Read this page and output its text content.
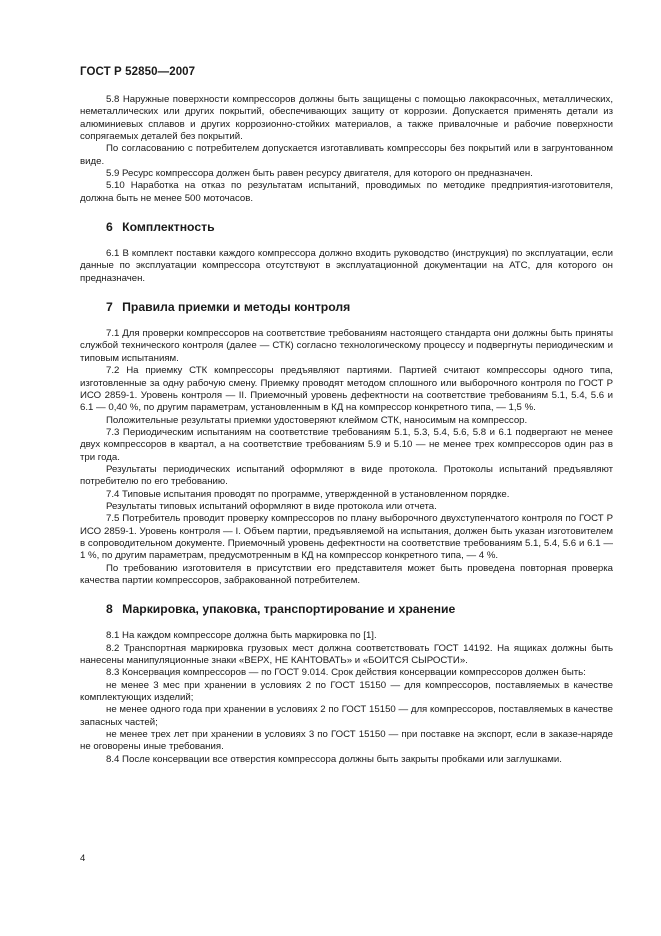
ГОСТ Р 52850—2007

5.8 Наружные поверхности компрессоров должны быть защищены с помощью лакокрасочных, металлических, неметаллических или других покрытий, обеспечивающих защиту от коррозии. Допускается применять детали из алюминиевых сплавов и других коррозионно-стойких материалов, а также привалочные и рабочие поверхности сопрягаемых деталей без покрытий.

По согласованию с потребителем допускается изготавливать компрессоры без покрытий или в загрунтованном виде.

5.9 Ресурс компрессора должен быть равен ресурсу двигателя, для которого он предназначен.

5.10 Наработка на отказ по результатам испытаний, проводимых по методике предприятия-изготовителя, должна быть не менее 500 моточасов.

6 Комплектность

6.1 В комплект поставки каждого компрессора должно входить руководство (инструкция) по эксплуатации, если данные по эксплуатации компрессора отсутствуют в эксплуатационной документации на АТС, для которого он предназначен.

7 Правила приемки и методы контроля

7.1 Для проверки компрессоров на соответствие требованиям настоящего стандарта они должны быть приняты службой технического контроля (далее — СТК) согласно технологическому процессу и подвергнуты периодическим и типовым испытаниям.

7.2 На приемку СТК компрессоры предъявляют партиями. Партией считают компрессоры одного типа, изготовленные за одну рабочую смену. Приемку проводят методом сплошного или выборочного контроля по ГОСТ Р ИСО 2859-1. Уровень контроля — II. Приемочный уровень дефектности на соответствие требованиям 5.1, 5.4, 5.6 и 6.1 — 0,40 %, по другим параметрам, установленным в КД на компрессор конкретного типа, — 1,5 %.

Положительные результаты приемки удостоверяют клеймом СТК, наносимым на компрессор.

7.3 Периодическим испытаниям на соответствие требованиям 5.1, 5.3, 5.4, 5.6, 5.8 и 6.1 подвергают не менее двух компрессоров в квартал, а на соответствие требованиям 5.9 и 5.10 — не менее трех компрессоров один раз в три года.

Результаты периодических испытаний оформляют в виде протокола. Протоколы испытаний предъявляют потребителю по его требованию.

7.4 Типовые испытания проводят по программе, утвержденной в установленном порядке.

Результаты типовых испытаний оформляют в виде протокола или отчета.

7.5 Потребитель проводит проверку компрессоров по плану выборочного двухступенчатого контроля по ГОСТ Р ИСО 2859-1. Уровень контроля — I. Объем партии, предъявляемой на испытания, должен быть указан изготовителем в сопроводительном документе. Приемочный уровень дефектности на соответствие требованиям 5.1, 5.4, 5.6 и 6.1 — 1 %, по другим параметрам, предусмотренным в КД на компрессор конкретного типа, — 4 %.

По требованию изготовителя в присутствии его представителя может быть проведена повторная проверка качества партии компрессоров, забракованной потребителем.

8 Маркировка, упаковка, транспортирование и хранение

8.1 На каждом компрессоре должна быть маркировка по [1].

8.2 Транспортная маркировка грузовых мест должна соответствовать ГОСТ 14192. На ящиках должны быть нанесены манипуляционные знаки «ВЕРХ, НЕ КАНТОВАТЬ» и «БОИТСЯ СЫРОСТИ».

8.3 Консервация компрессоров — по ГОСТ 9.014. Срок действия консервации компрессоров должен быть:

не менее 3 мес при хранении в условиях 2 по ГОСТ 15150 — для компрессоров, поставляемых в качестве комплектующих изделий;

не менее одного года при хранении в условиях 2 по ГОСТ 15150 — для компрессоров, поставляемых в качестве запасных частей;

не менее трех лет при хранении в условиях 3 по ГОСТ 15150 — при поставке на экспорт, если в заказе-наряде не оговорены иные требования.

8.4 После консервации все отверстия компрессора должны быть закрыты пробками или заглушками.

4
